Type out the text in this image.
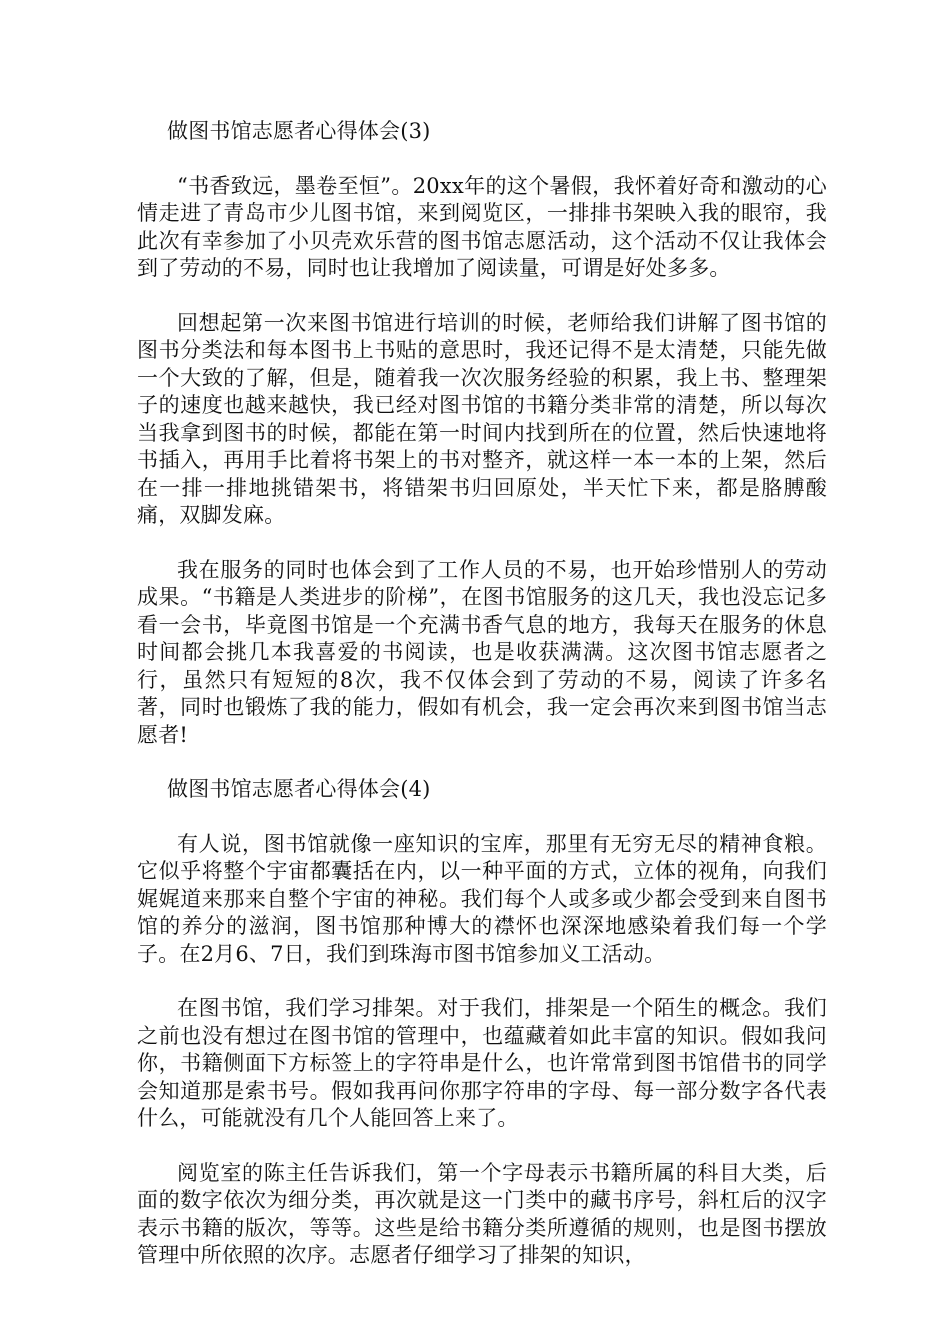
做图书馆志愿者心得体会(3)

“书香致远，墨卷至恒”。20xx年的这个暑假，我怀着好奇和激动的心情走进了青岛市少儿图书馆，来到阅览区，一排排书架映入我的眼帘，我此次有幸参加了小贝壳欢乐营的图书馆志愿活动，这个活动不仅让我体会到了劳动的不易，同时也让我增加了阅读量，可谓是好处多多。

回想起第一次来图书馆进行培训的时候，老师给我们讲解了图书馆的图书分类法和每本图书上书贴的意思时，我还记得不是太清楚，只能先做一个大致的了解，但是，随着我一次次服务经验的积累，我上书、整理架子的速度也越来越快，我已经对图书馆的书籍分类非常的清楚，所以每次当我拿到图书的时候，都能在第一时间内找到所在的位置，然后快速地将书插入，再用手比着将书架上的书对整齐，就这样一本一本的上架，然后在一排一排地挑错架书，将错架书归回原处，半天忙下来，都是胳膊酸痛，双脚发麻。

我在服务的同时也体会到了工作人员的不易，也开始珍惜别人的劳动成果。“书籍是人类进步的阶梯”，在图书馆服务的这几天，我也没忘记多看一会书，毕竟图书馆是一个充满书香气息的地方，我每天在服务的休息时间都会挑几本我喜爱的书阅读，也是收获满满。这次图书馆志愿者之行，虽然只有短短的8次，我不仅体会到了劳动的不易，阅读了许多名著，同时也锻炼了我的能力，假如有机会，我一定会再次来到图书馆当志愿者!

做图书馆志愿者心得体会(4)

有人说，图书馆就像一座知识的宝库，那里有无穷无尽的精神食粮。它似乎将整个宇宙都囊括在内，以一种平面的方式，立体的视角，向我们娓娓道来那来自整个宇宙的神秘。我们每个人或多或少都会受到来自图书馆的养分的滋润，图书馆那种博大的襟怀也深深地感染着我们每一个学子。在2月6、7日，我们到珠海市图书馆参加义工活动。

在图书馆，我们学习排架。对于我们，排架是一个陌生的概念。我们之前也没有想过在图书馆的管理中，也蕴藏着如此丰富的知识。假如我问你，书籍侧面下方标签上的字符串是什么，也许常常到图书馆借书的同学会知道那是索书号。假如我再问你那字符串的字母、每一部分数字各代表什么，可能就没有几个人能回答上来了。

阅览室的陈主任告诉我们，第一个字母表示书籍所属的科目大类，后面的数字依次为细分类，再次就是这一门类中的藏书序号，斜杠后的汉字表示书籍的版次，等等。这些是给书籍分类所遵循的规则，也是图书摆放管理中所依照的次序。志愿者仔细学习了排架的知识，
